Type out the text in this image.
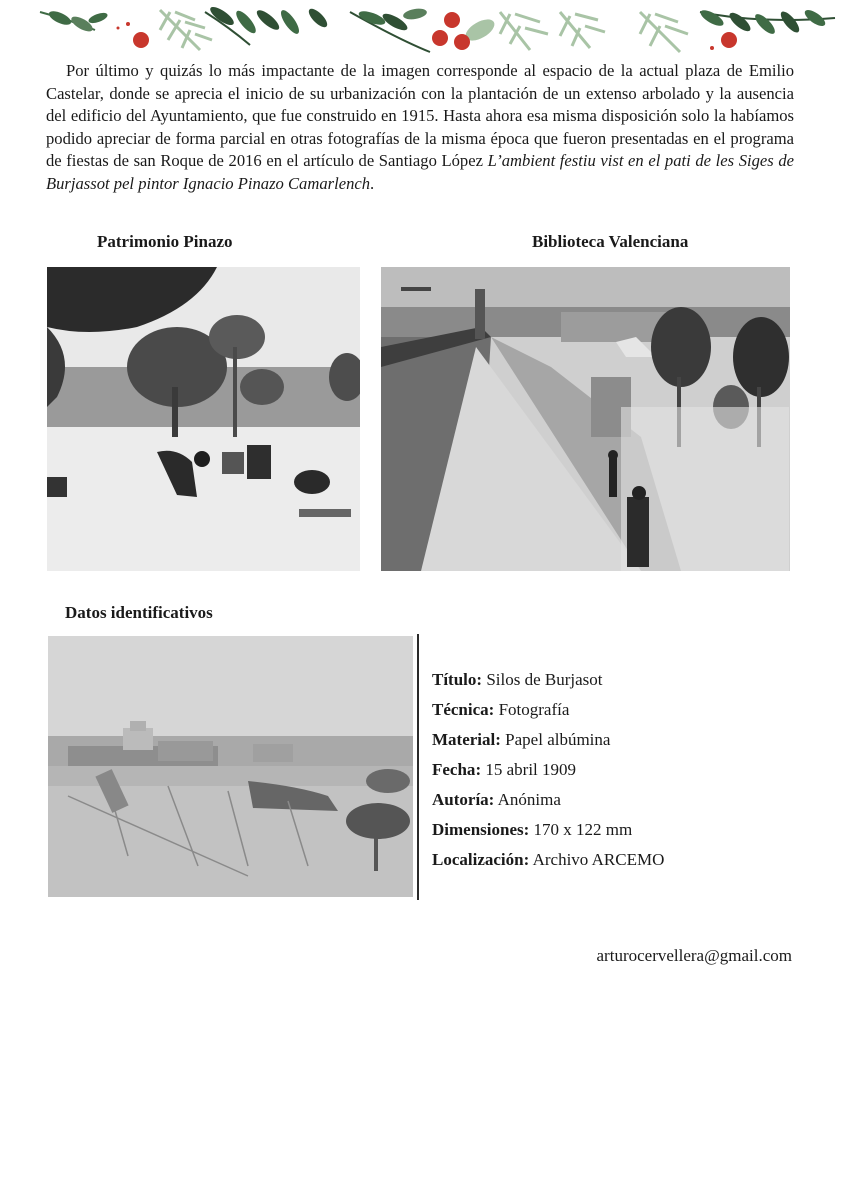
Por último y quizás lo más impactante de la imagen corresponde al espacio de la actual plaza de Emilio Castelar, donde se aprecia el inicio de su urbanización con la plantación de un extenso arbolado y la ausencia del edificio del Ayuntamiento, que fue construido en 1915. Hasta ahora esa misma disposición solo la habíamos podido apreciar de forma parcial en otras fotografías de la misma época que fueron presentadas en el programa de fiestas de san Roque de 2016 en el artículo de Santiago López L’ambient festiu vist en el pati de les Siges de Burjassot pel pintor Ignacio Pinazo Camarlench.

Patrimonio Pinazo	Biblioteca Valenciana
Datos identificativos
Título: Silos de Burjasot
Técnica: Fotografía
Material: Papel albúmina
Fecha: 15 abril 1909
Autoría: Anónima
Dimensiones: 170 x 122 mm
Localización: Archivo ARCEMO
arturocervellera@gmail.com
